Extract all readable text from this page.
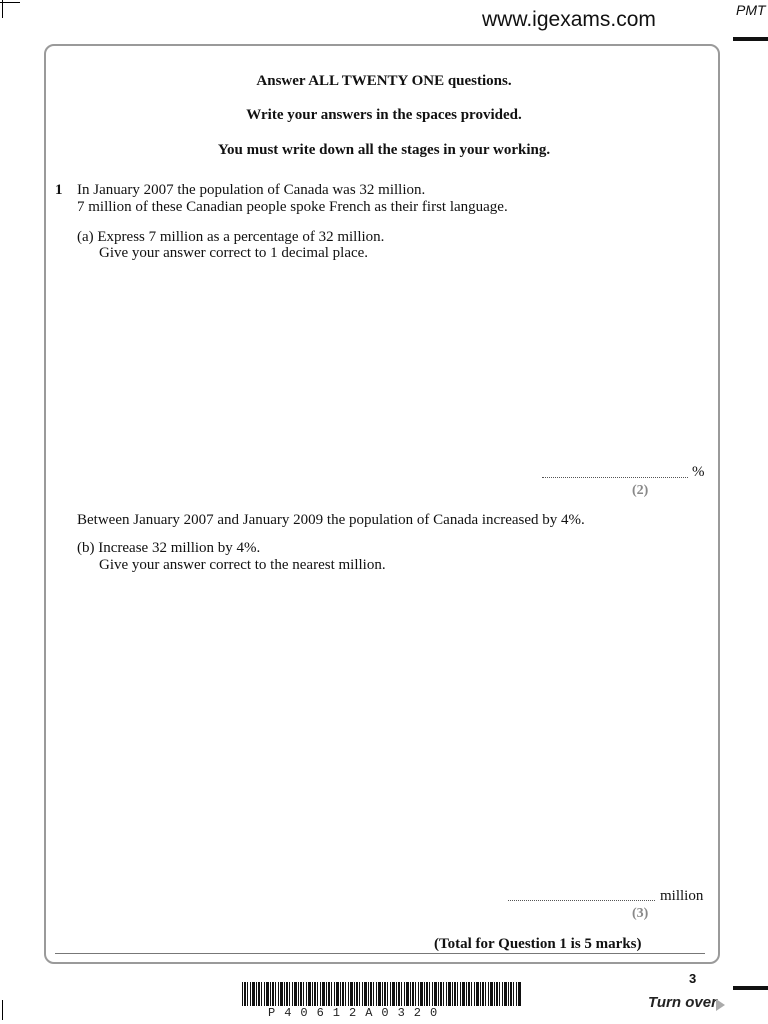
www.igexams.com	PMT
Answer ALL TWENTY ONE questions.
Write your answers in the spaces provided.
You must write down all the stages in your working.
1 In January 2007 the population of Canada was 32 million.
7 million of these Canadian people spoke French as their first language.
(a) Express 7 million as a percentage of 32 million.
Give your answer correct to 1 decimal place.
%
(2)
Between January 2007 and January 2009 the population of Canada increased by 4%.
(b) Increase 32 million by 4%.
Give your answer correct to the nearest million.
million
(3)
(Total for Question 1 is 5 marks)
3
P40612A0320
Turn over
